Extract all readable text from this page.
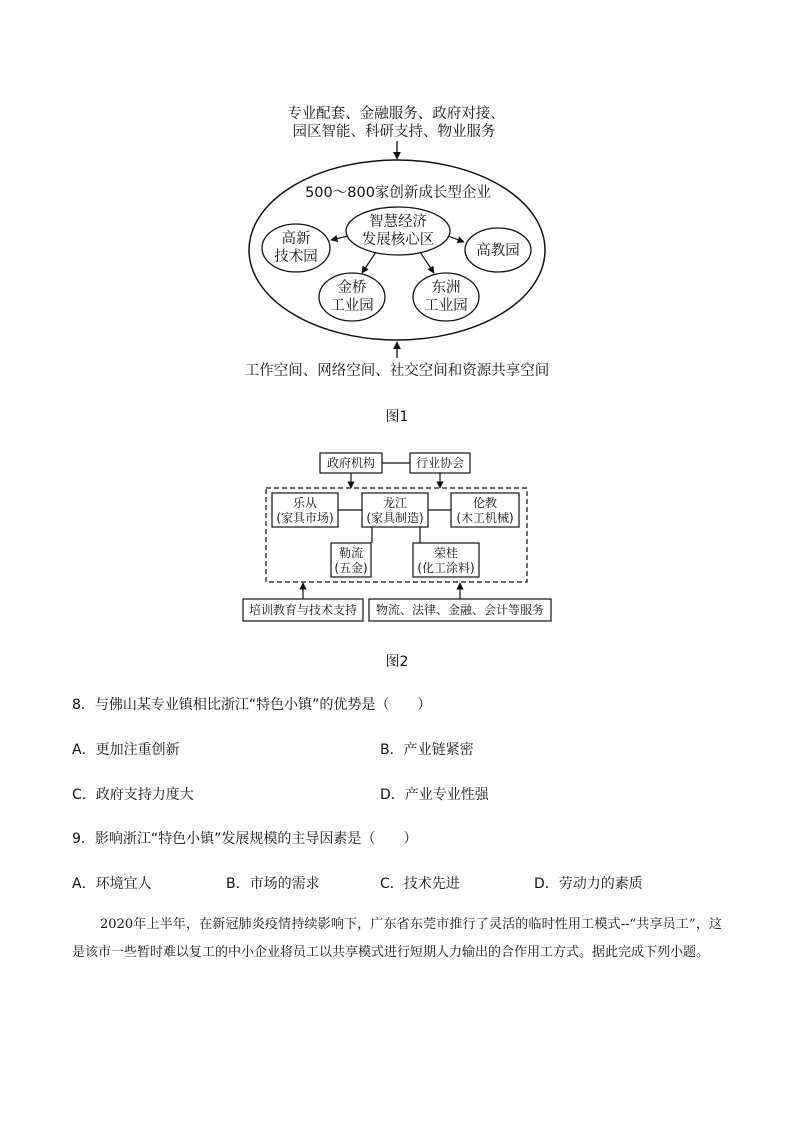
专业配套、金融服务、政府对接、
园区智能、科研支持、物业服务
500～800家创新成长型企业
智慧经济
发展核心区
高新
技术园	高教园
金桥
工业园
东洲
工业园
工作空间、网络空间、社交空间和资源共享空间
图1
政府机构	行业协会
乐从
(家具市场)
龙江
(家具制造)
伦教
(木工机械)
勒流
(五金)
荣桂
(化工涂料)
培训教育与技术支持 物流、法律、金融、会计等服务
图2
8．与佛山某专业镇相比浙江“特色小镇”的优势是（　　）
A．更加注重创新	B．产业链紧密
C．政府支持力度大	D．产业专业性强
9．影响浙江“特色小镇”发展规模的主导因素是（　　）
A．环境宜人	B．市场的需求	C．技术先进	D．劳动力的素质
2020年上半年，在新冠肺炎疫情持续影响下，广东省东莞市推行了灵活的临时性用工模式--“共享员工”，这是该市一些暂时难以复工的中小企业将员工以共享模式进行短期人力输出的合作用工方式。据此完成下列小题。
